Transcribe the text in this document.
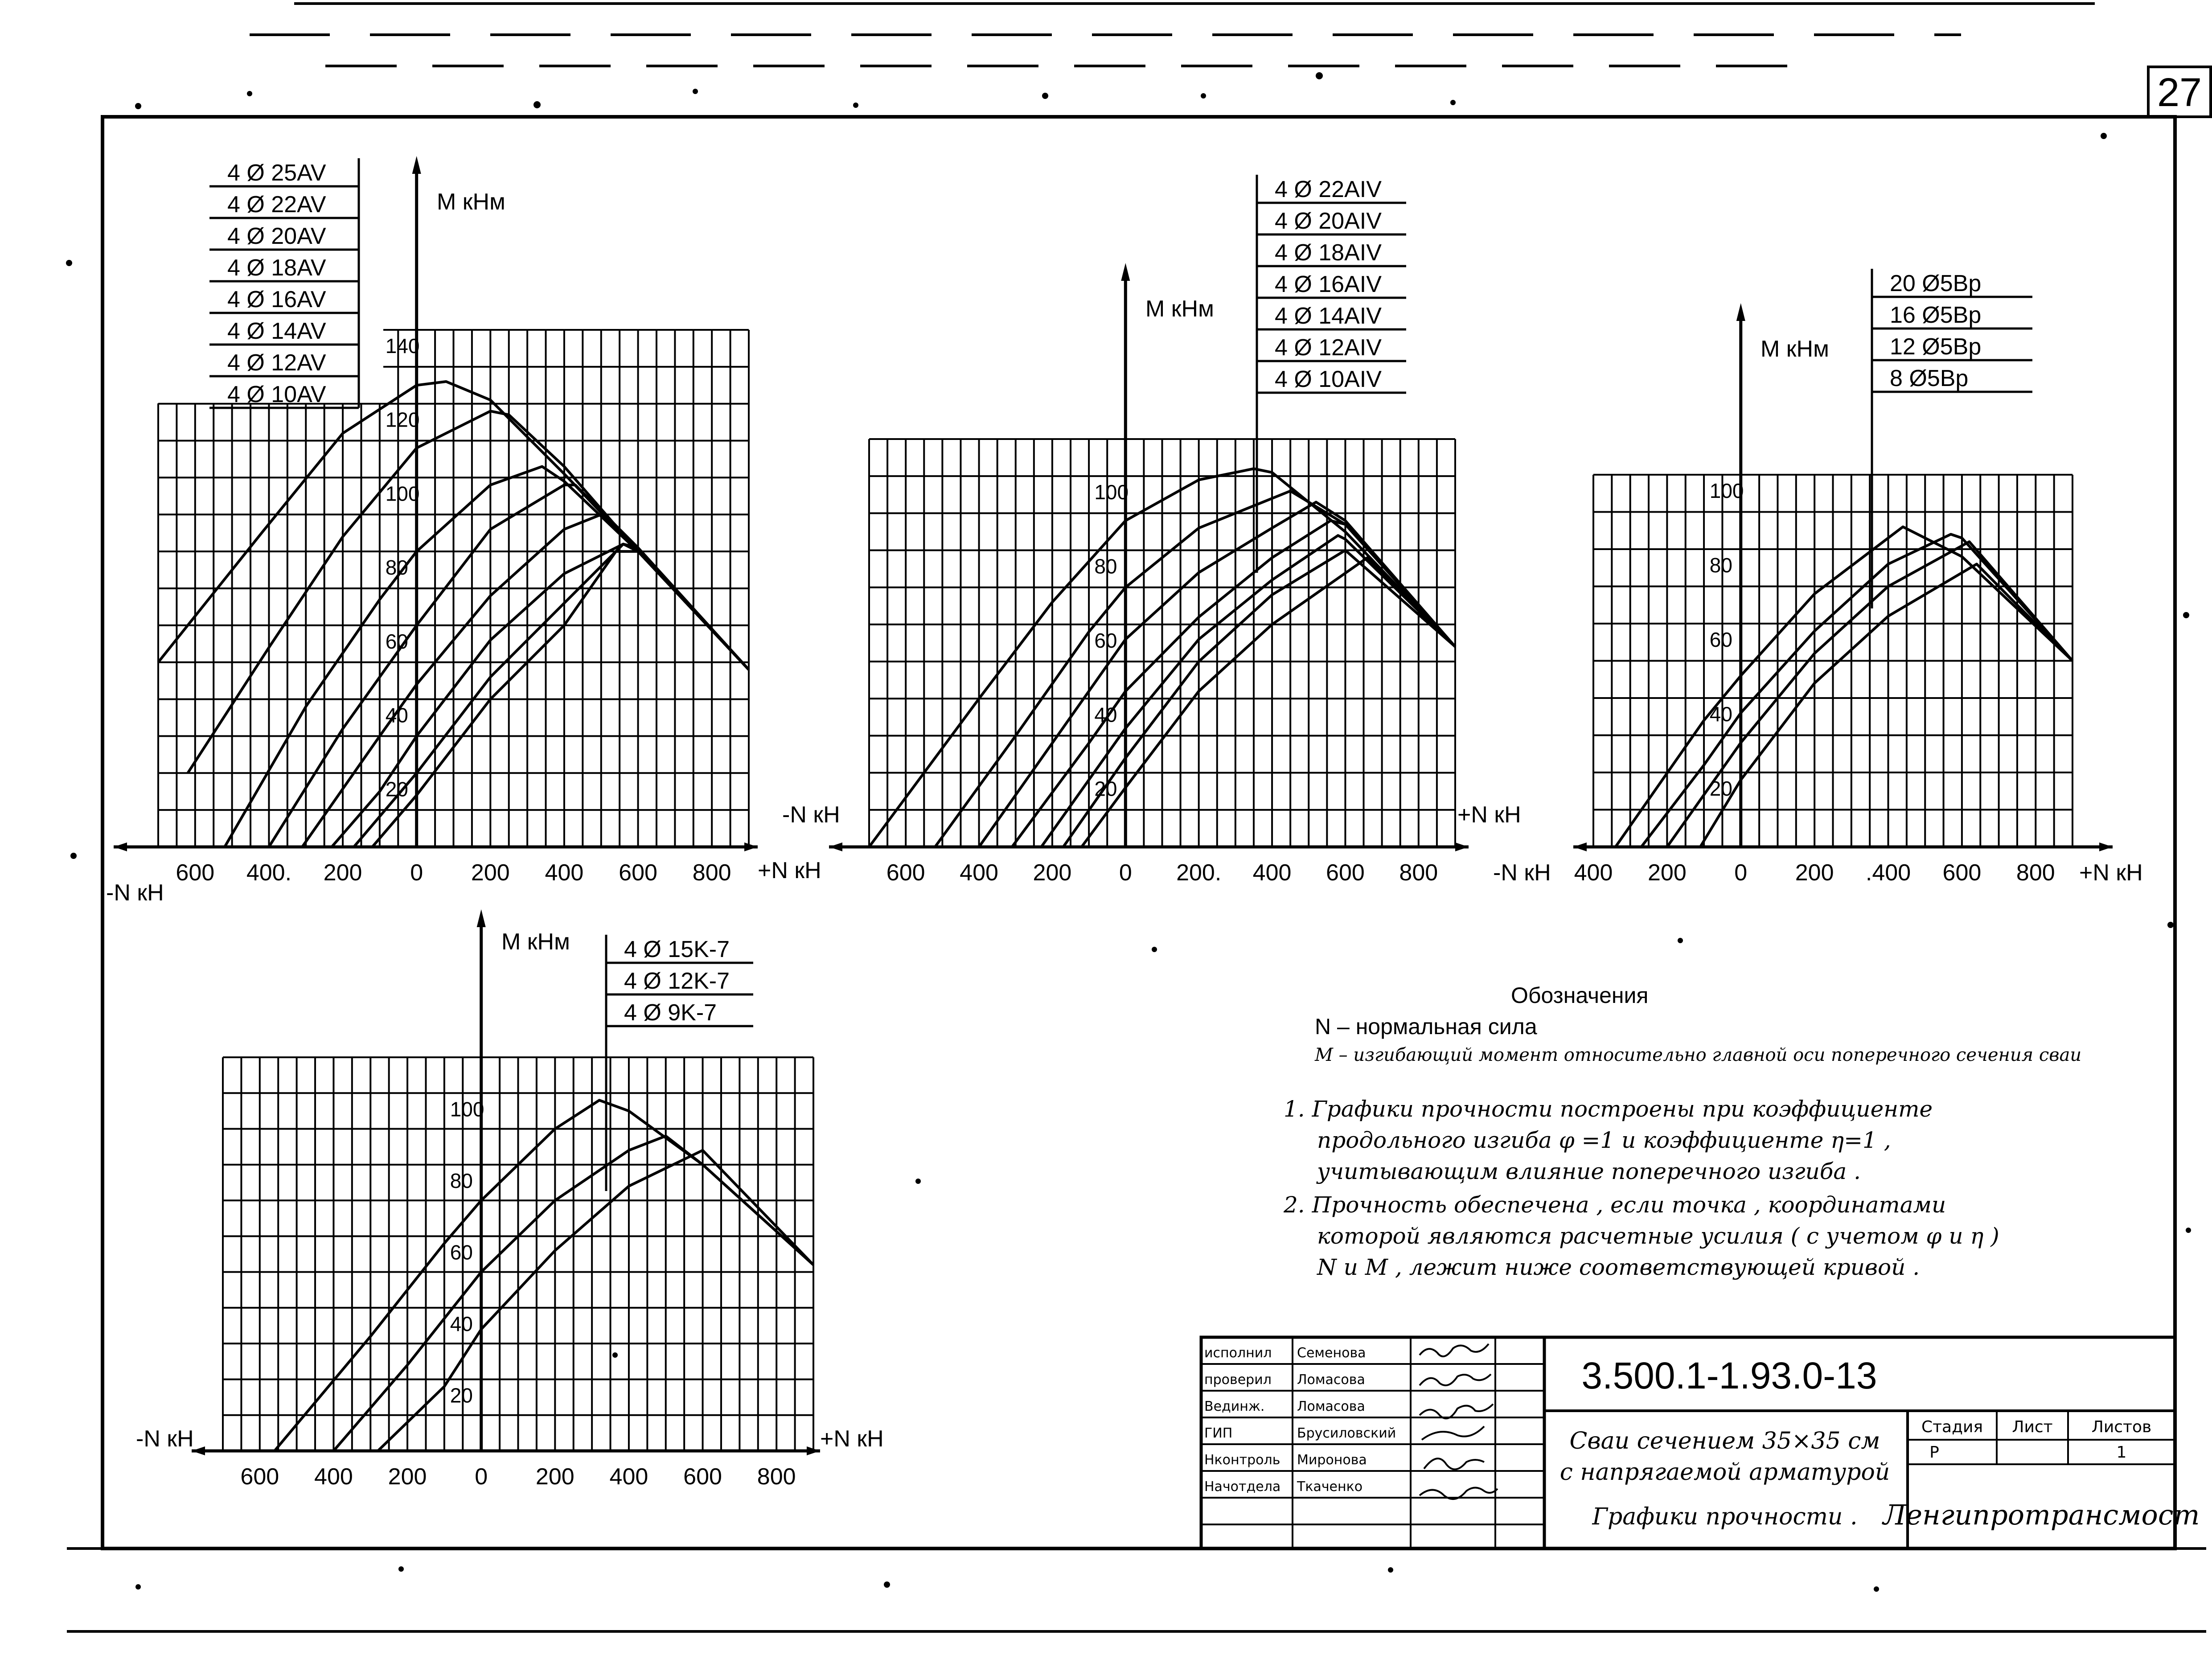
27
20
40
60
80
100
120
140
600 400. 200 0 200 400 600 800
4 Ø 25AV
4 Ø 22AV
4 Ø 20AV
4 Ø 18AV
4 Ø 16AV
4 Ø 14AV
4 Ø 12AV
4 Ø 10AV
M кНм
+N кН
-N кН
20
40
60
80
100
600 400 200 0 200. 400 600 800
4 Ø 22AIV
4 Ø 20AIV
4 Ø 18AIV
4 Ø 16AIV
4 Ø 14AIV
4 Ø 12AIV
4 Ø 10AIV
M кНм
+N кН
-N кН
20
40
60
80
100
400 200 0 200 .400 600 800
20 Ø5Bp
16 Ø5Bp
12 Ø5Bp
8 Ø5Bp
M кНм
+N кН
-N кН
20
40
60
80
100
600 400 200 0 200 400 600 800
4 Ø 15K-7
4 Ø 12K-7
4 Ø 9K-7
M кНм
+N кН
-N кН
Обозначения
N – нормальная сила
M – изгибающий момент относительно главной оси поперечного сечения сваи
1. Графики прочности построены при коэффициенте
продольного изгиба φ =1 и коэффициенте η=1 ,
учитывающим влияние поперечного изгиба .
2. Прочность обеспечена , если точка , координатами
которой являются расчетные усилия ( с учетом φ и η )
N и M , лежит ниже соответствующей кривой .
исполнил
проверил
Вединж.
ГИП
Нконтроль
Начотдела
Семенова
Ломасова
Ломасова
Брусиловский
Миронова
Ткаченко
3.500.1-1.93.0-13
Сваи сечением 35×35 см
с напрягаемой арматурой
Графики прочности .
Стадия Лист Листов
Р	1
Ленгипротрансмост
